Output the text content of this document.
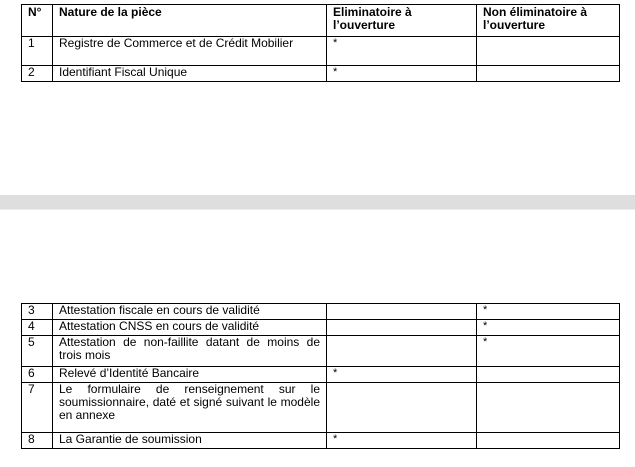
N°	Nature de la pièce	Eliminatoire à l’ouverture	Non éliminatoire à l’ouverture
1	Registre de Commerce et de Crédit Mobilier	*	
2	Identifiant Fiscal Unique	*	
3	Attestation fiscale en cours de validité		*
4	Attestation CNSS en cours de validité		*
5	Attestation de non-faillite datant de moins de trois mois		*
6	Relevé d’Identité Bancaire	*	
7	Le formulaire de renseignement sur le soumissionnaire, daté et signé suivant le modèle en annexe		
8	La Garantie de soumission	*	
